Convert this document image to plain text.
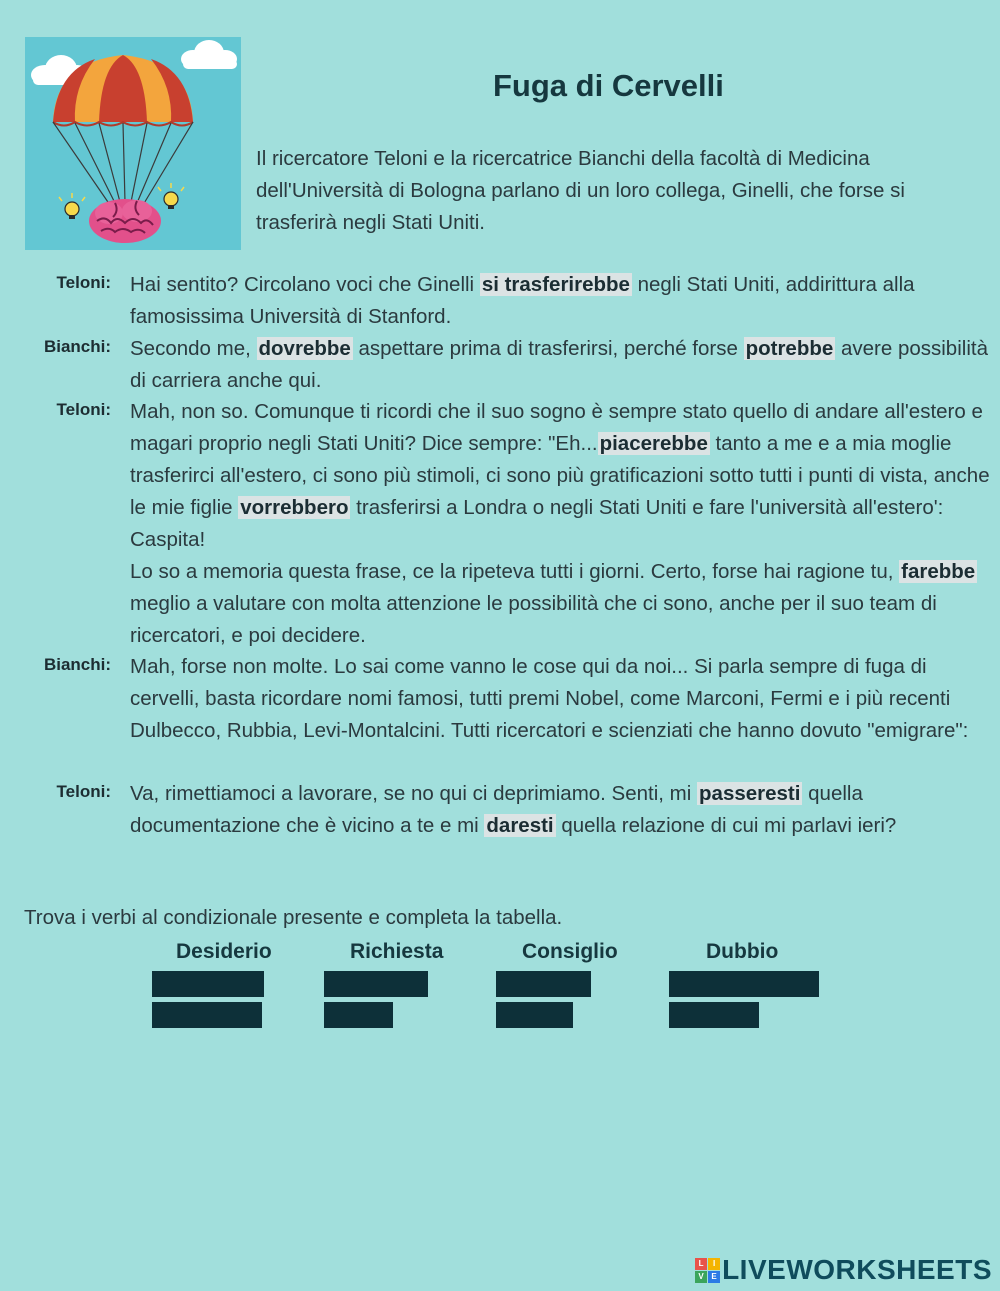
Fuga di Cervelli
Il ricercatore Teloni e la ricercatrice Bianchi della facoltà di Medicina dell'Università di Bologna parlano di un loro collega, Ginelli, che forse si trasferirà negli Stati Uniti.
Teloni: Hai sentito? Circolano voci che Ginelli si trasferirebbe negli Stati Uniti, addirittura alla famosissima Università di Stanford.
Bianchi: Secondo me, dovrebbe aspettare prima di trasferirsi, perché forse potrebbe avere possibilità di carriera anche qui.
Teloni: Mah, non so. Comunque ti ricordi che il suo sogno è sempre stato quello di andare all'estero e magari proprio negli Stati Uniti? Dice sempre: "Eh...piacerebbe tanto a me e a mia moglie trasferirci all'estero, ci sono più stimoli, ci sono più gratificazioni sotto tutti i punti di vista, anche le mie figlie vorrebbero trasferirsi a Londra o negli Stati Uniti e fare l'università all'estero': Caspita!
Lo so a memoria questa frase, ce la ripeteva tutti i giorni. Certo, forse hai ragione tu, farebbe meglio a valutare con molta attenzione le possibilità che ci sono, anche per il suo team di ricercatori, e poi decidere.
Bianchi: Mah, forse non molte. Lo sai come vanno le cose qui da noi... Si parla sempre di fuga di cervelli, basta ricordare nomi famosi, tutti premi Nobel, come Marconi, Fermi e i più recenti Dulbecco, Rubbia, Levi-Montalcini. Tutti ricercatori e scienziati che hanno dovuto "emigrare":
Teloni: Va, rimettiamoci a lavorare, se no qui ci deprimiamo. Senti, mi passeresti quella documentazione che è vicino a te e mi daresti quella relazione di cui mi parlavi ieri?
Trova i verbi al condizionale presente e completa la tabella.
Desiderio	Richiesta	Consiglio	Dubbio
L	I
V E LIVEWORKSHEETS
